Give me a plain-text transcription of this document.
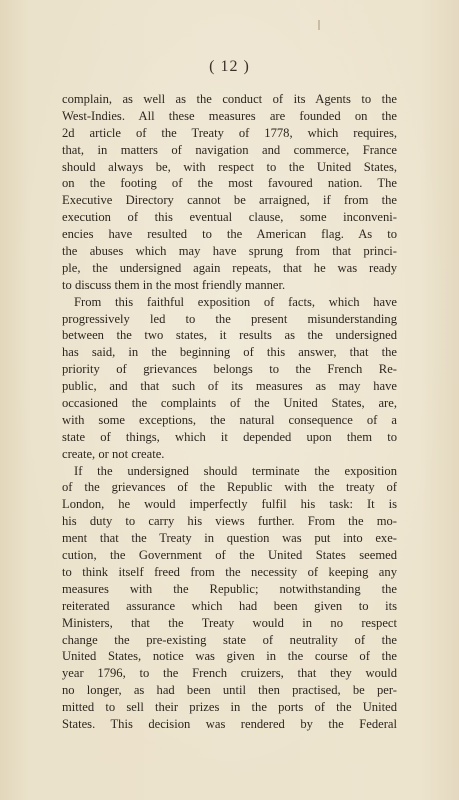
( 12 )
complain, as well as the conduct of its Agents to the
West-Indies. All these measures are founded on the
2d article of the Treaty of 1778, which requires,
that, in matters of navigation and commerce, France
should always be, with respect to the United States,
on the footing of the most favoured nation. The
Executive Directory cannot be arraigned, if from the
execution of this eventual clause, some inconveni-
encies have resulted to the American flag. As to
the abuses which may have sprung from that princi-
ple, the undersigned again repeats, that he was ready
to discuss them in the most friendly manner.
From this faithful exposition of facts, which have
progressively led to the present misunderstanding
between the two states, it results as the undersigned
has said, in the beginning of this answer, that the
priority of grievances belongs to the French Re-
public, and that such of its measures as may have
occasioned the complaints of the United States, are,
with some exceptions, the natural consequence of a
state of things, which it depended upon them to
create, or not create.
If the undersigned should terminate the exposition
of the grievances of the Republic with the treaty of
London, he would imperfectly fulfil his task: It is
his duty to carry his views further. From the mo-
ment that the Treaty in question was put into exe-
cution, the Government of the United States seemed
to think itself freed from the necessity of keeping any
measures with the Republic; notwithstanding the
reiterated assurance which had been given to its
Ministers, that the Treaty would in no respect
change the pre-existing state of neutrality of the
United States, notice was given in the course of the
year 1796, to the French cruizers, that they would
no longer, as had been until then practised, be per-
mitted to sell their prizes in the ports of the United
States. This decision was rendered by the Federal
